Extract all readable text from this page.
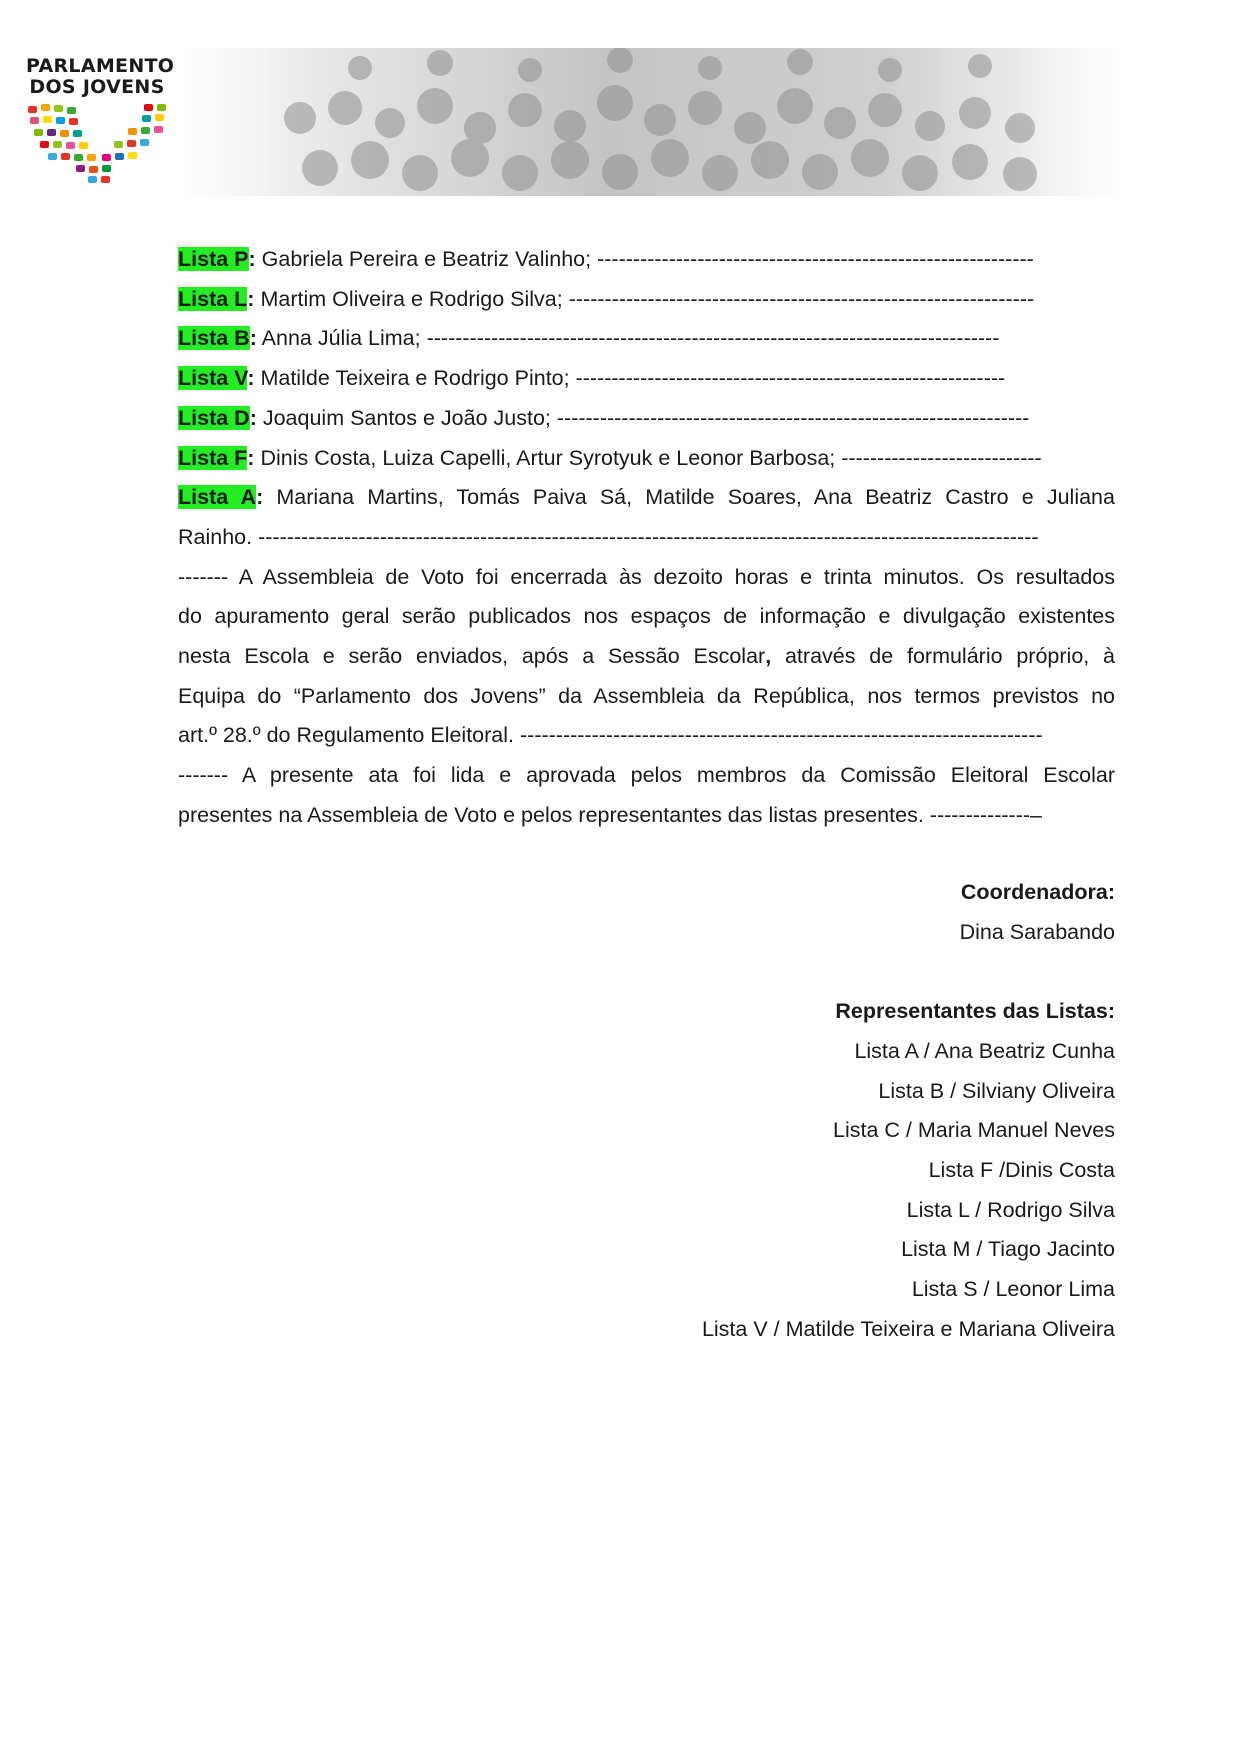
PARLAMENTO
DOS JOVENS
Lista P: Gabriela Pereira e Beatriz Valinho; -------------------------------------------------------------
Lista L: Martim Oliveira e Rodrigo Silva; -----------------------------------------------------------------
Lista B: Anna Júlia Lima; --------------------------------------------------------------------------------
Lista V: Matilde Teixeira e Rodrigo Pinto; ------------------------------------------------------------
Lista D: Joaquim Santos e João Justo; ------------------------------------------------------------------
Lista F: Dinis Costa, Luiza Capelli, Artur Syrotyuk e Leonor Barbosa; ----------------------------
Lista A: Mariana Martins, Tomás Paiva Sá, Matilde Soares, Ana Beatriz Castro e Juliana
Rainho. -------------------------------------------------------------------------------------------------------------
------- A Assembleia de Voto foi encerrada às dezoito horas e trinta minutos. Os resultados
do apuramento geral serão publicados nos espaços de informação e divulgação existentes
nesta Escola e serão enviados, após a Sessão Escolar, através de formulário próprio, à
Equipa do “Parlamento dos Jovens” da Assembleia da República, nos termos previstos no
art.º 28.º do Regulamento Eleitoral. -------------------------------------------------------------------------
------- A presente ata foi lida e aprovada pelos membros da Comissão Eleitoral Escolar
presentes na Assembleia de Voto e pelos representantes das listas presentes. --------------–
Coordenadora:
Dina Sarabando
Representantes das Listas:
Lista A / Ana Beatriz Cunha
Lista B / Silviany Oliveira
Lista C / Maria Manuel Neves
Lista F /Dinis Costa
Lista L / Rodrigo Silva
Lista M / Tiago Jacinto
Lista S / Leonor Lima
Lista V / Matilde Teixeira e Mariana Oliveira
